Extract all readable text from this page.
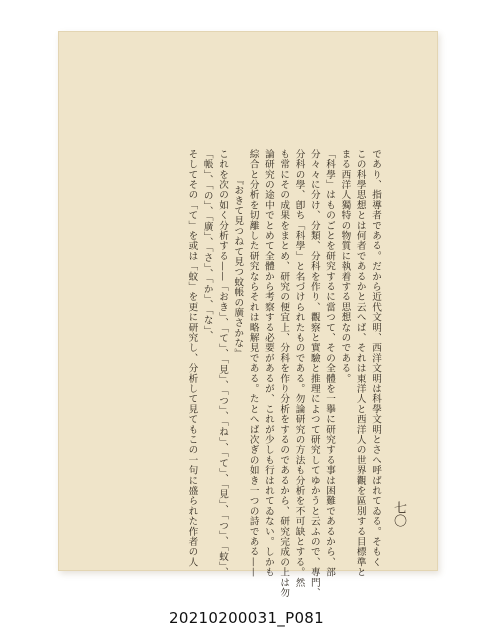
七〇

であり、指導者である。だから近代文明、西洋文明は科學文明とさへ呼ばれてゐる。そもく

この科學思想とは何者であるかと云へば、それは東洋人と西洋人の世界觀を區別する目標準と

まる西洋人獨特の物質に執着する思想なのである。

「科學」はものごとを研究するに當つて、その全體を一擧に研究する事は困難であるから、部

分々々に分け、分類、分科を作り、觀察と實驗と推理によつて研究してゆかうと云ふので、專門、

分科の學、卽ち「科學」と名づけられたものである。勿論研究の方法も分析を不可缺とする。然

も常にその成果をまとめ、研究の便宜上、分科を作り分析をするのであるから、研究完成の上は勿

論研究の途中でとめて全體から考察する必要があるが、これが少しも行はれてゐない。しかも

綜合と分析を切離した研究ならそれは略解見である。たとへば次ぎの如き一つの詩である——

『おきて見つねて見つ蚊帳の廣さかな』

これを次の如く分析する——「おき」、「て」、「見」、「つ」、「ね」、「て」、「見」、「つ」、「蚊」、

「帳」、「の」、「廣」、「さ」、「か」、「な」、

そしてその「て」を或は「蚊」を更に研究し、分析して見てもこの一句に盛られた作者の人

20210200031_P081
